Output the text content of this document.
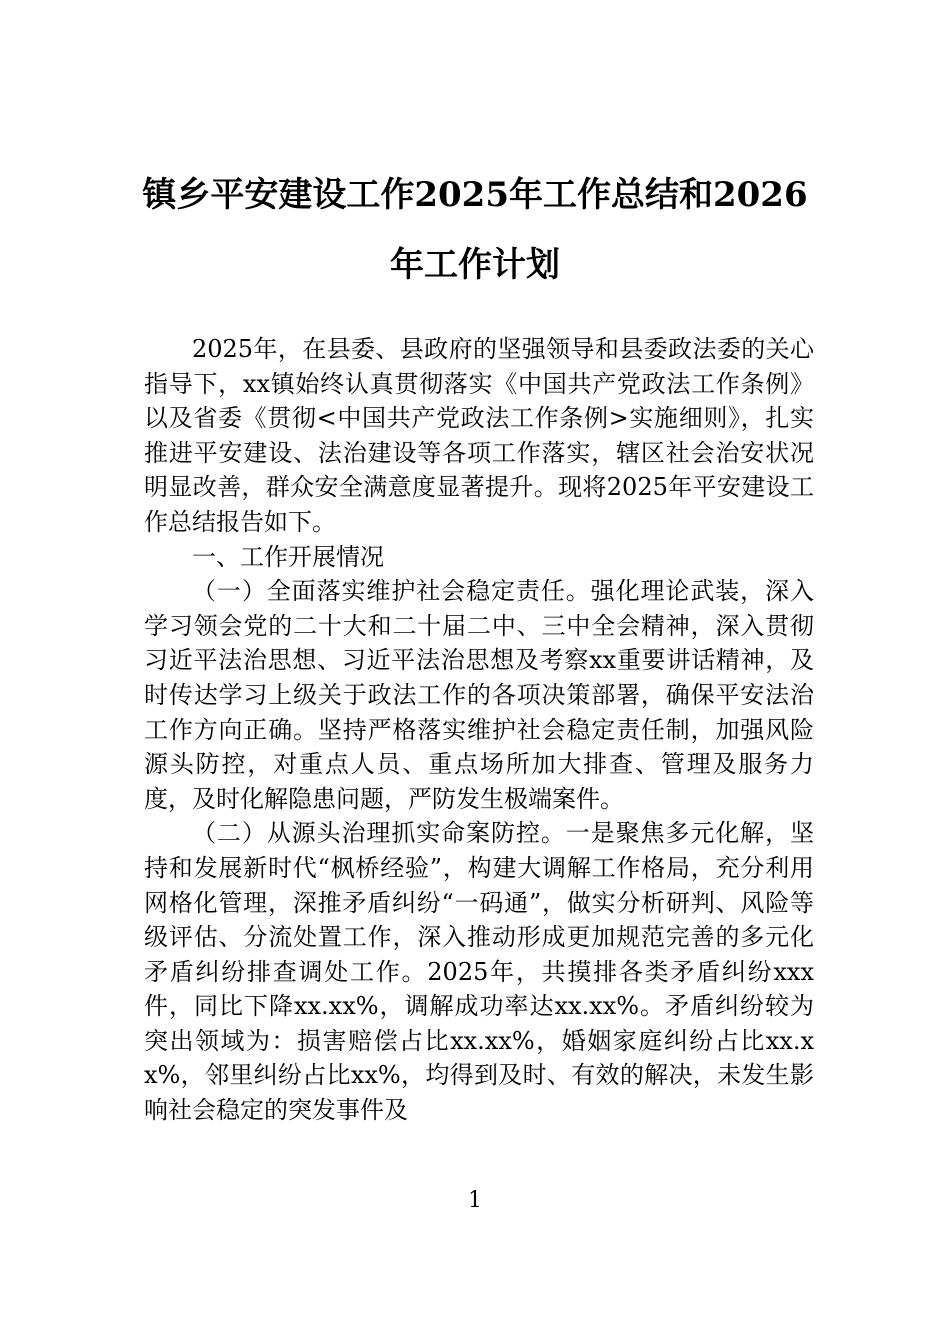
镇乡平安建设工作2025年工作总结和2026
年工作计划

2025年，在县委、县政府的坚强领导和县委政法委的关心指导下，xx镇始终认真贯彻落实《中国共产党政法工作条例》以及省委《贯彻<中国共产党政法工作条例>实施细则》，扎实推进平安建设、法治建设等各项工作落实，辖区社会治安状况明显改善，群众安全满意度显著提升。现将2025年平安建设工作总结报告如下。

一、工作开展情况

（一）全面落实维护社会稳定责任。强化理论武装，深入学习领会党的二十大和二十届二中、三中全会精神，深入贯彻习近平法治思想、习近平法治思想及考察xx重要讲话精神，及时传达学习上级关于政法工作的各项决策部署，确保平安法治工作方向正确。坚持严格落实维护社会稳定责任制，加强风险源头防控，对重点人员、重点场所加大排查、管理及服务力度，及时化解隐患问题，严防发生极端案件。

（二）从源头治理抓实命案防控。一是聚焦多元化解，坚持和发展新时代“枫桥经验”，构建大调解工作格局，充分利用网格化管理，深推矛盾纠纷“一码通”，做实分析研判、风险等级评估、分流处置工作，深入推动形成更加规范完善的多元化矛盾纠纷排查调处工作。2025年，共摸排各类矛盾纠纷xxx件，同比下降xx.xx%，调解成功率达xx.xx%。矛盾纠纷较为突出领域为：损害赔偿占比xx.xx%，婚姻家庭纠纷占比xx.xx%，邻里纠纷占比xx%，均得到及时、有效的解决，未发生影响社会稳定的突发事件及

1
